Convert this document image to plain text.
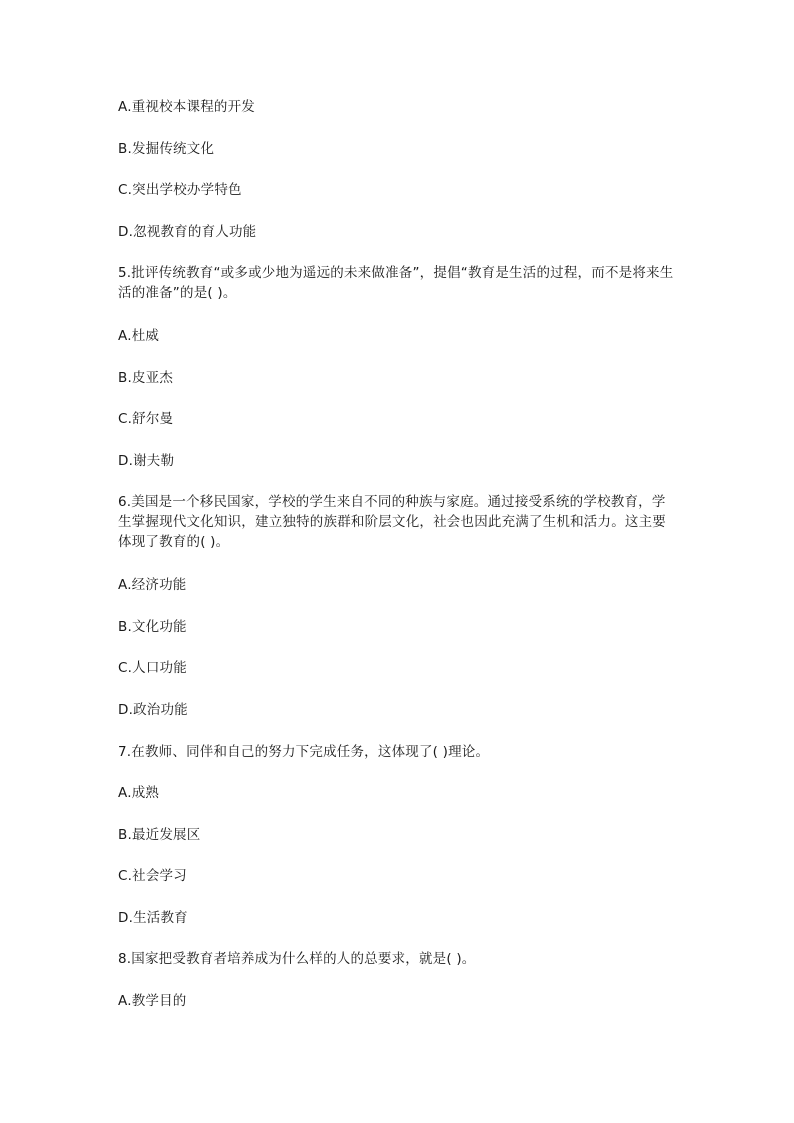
A.重视校本课程的开发
B.发掘传统文化
C.突出学校办学特色
D.忽视教育的育人功能
5.批评传统教育“或多或少地为遥远的未来做准备”，提倡“教育是生活的过程，而不是将来生活的准备”的是( )。
A.杜威
B.皮亚杰
C.舒尔曼
D.谢夫勒
6.美国是一个移民国家，学校的学生来自不同的种族与家庭。通过接受系统的学校教育，学生掌握现代文化知识，建立独特的族群和阶层文化，社会也因此充满了生机和活力。这主要体现了教育的( )。
A.经济功能
B.文化功能
C.人口功能
D.政治功能
7.在教师、同伴和自己的努力下完成任务，这体现了( )理论。
A.成熟
B.最近发展区
C.社会学习
D.生活教育
8.国家把受教育者培养成为什么样的人的总要求，就是( )。
A.教学目的
